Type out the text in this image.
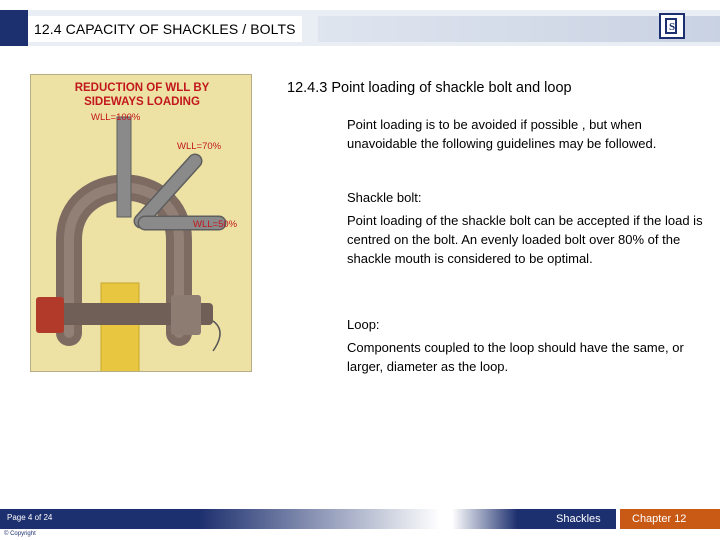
12.4 CAPACITY OF SHACKLES / BOLTS	S
REDUCTION OF WLL BY
SIDEWAYS LOADING
WLL=100%
WLL=70%
WLL=50%
12.4.3 Point loading of shackle bolt and loop
Point loading is to be avoided if possible , but when unavoidable the following guidelines may be followed.
Shackle bolt:
Point loading of the shackle bolt can be accepted if the load is centred on the bolt. An evenly loaded bolt over 80% of the shackle mouth is considered to be optimal.
Loop:
Components coupled to the loop should have the same, or larger, diameter as the loop.
Page 4 of 24
© Copyright
Shackles	Chapter 12
